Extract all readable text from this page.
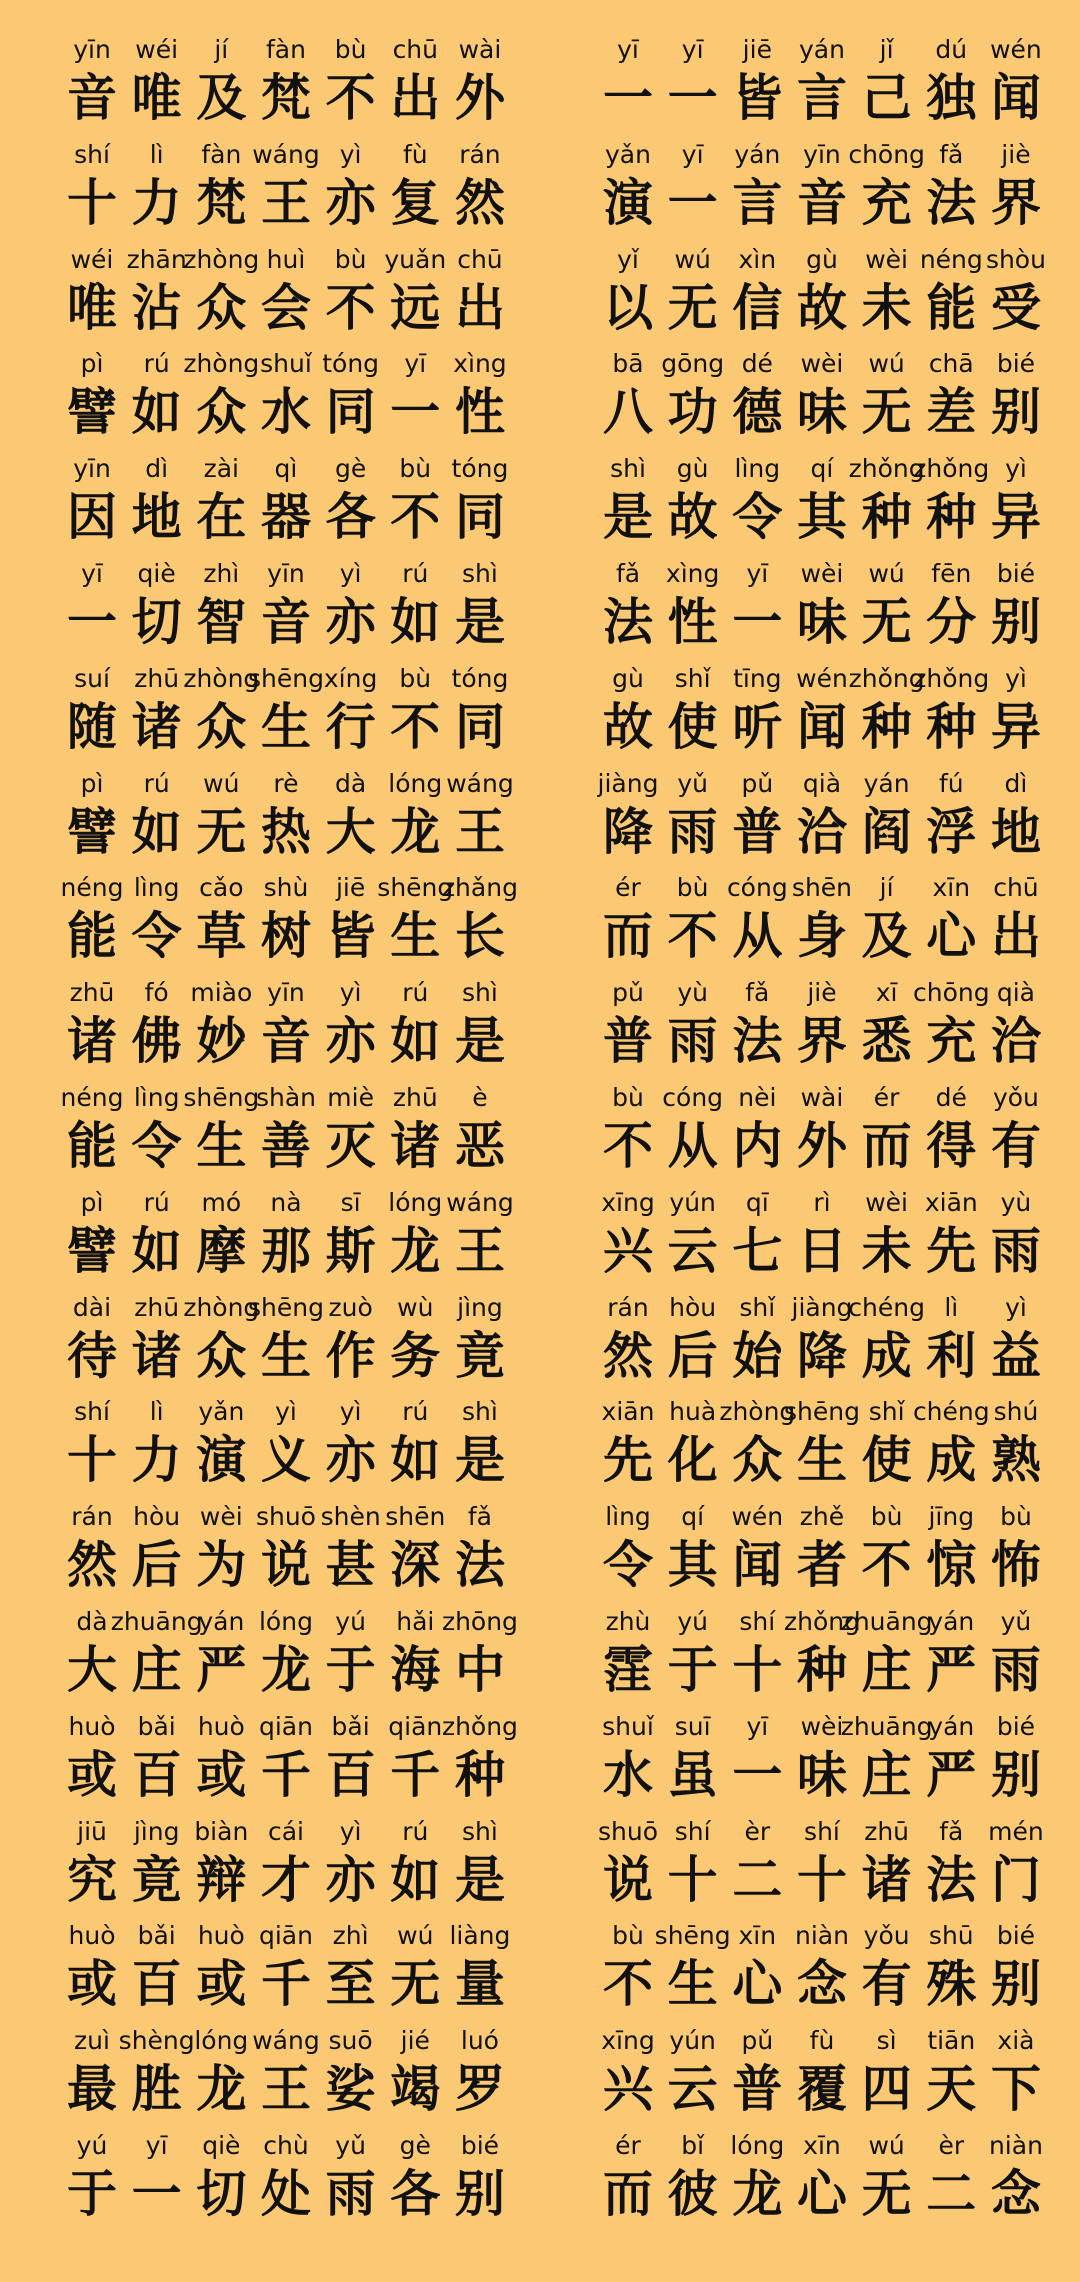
yīn
音
wéi
唯
jí
及
fàn
梵
bù
不
chū
出
wài
外
yī
一
yī
一
jiē
皆
yán
言
jǐ
己
dú
独
wén
闻
shí
十
lì
力
fàn
梵
wáng
王
yì
亦
fù
复
rán
然
yǎn
演
yī
一
yán
言
yīn
音
chōng
充
fǎ
法
jiè
界
wéi
唯
zhān
沾
zhòng
众
huì
会
bù
不
yuǎn
远
chū
出
yǐ
以
wú
无
xìn
信
gù
故
wèi
未
néng
能
shòu
受
pì
譬
rú
如
zhòng
众
shuǐ
水
tóng
同
yī
一
xìng
性
bā
八
gōng
功
dé
德
wèi
味
wú
无
chā
差
bié
别
yīn
因
dì
地
zài
在
qì
器
gè
各
bù
不
tóng
同
shì
是
gù
故
lìng
令
qí
其
zhǒng
种
zhǒng
种
yì
异
yī
一
qiè
切
zhì
智
yīn
音
yì
亦
rú
如
shì
是
fǎ
法
xìng
性
yī
一
wèi
味
wú
无
fēn
分
bié
别
suí
随
zhū
诸
zhòng
众
shēng
生
xíng
行
bù
不
tóng
同
gù
故
shǐ
使
tīng
听
wén
闻
zhǒng
种
zhǒng
种
yì
异
pì
譬
rú
如
wú
无
rè
热
dà
大
lóng
龙
wáng
王
jiàng
降
yǔ
雨
pǔ
普
qià
洽
yán
阎
fú
浮
dì
地
néng
能
lìng
令
cǎo
草
shù
树
jiē
皆
shēng
生
zhǎng
长
ér
而
bù
不
cóng
从
shēn
身
jí
及
xīn
心
chū
出
zhū
诸
fó
佛
miào
妙
yīn
音
yì
亦
rú
如
shì
是
pǔ
普
yù
雨
fǎ
法
jiè
界
xī
悉
chōng
充
qià
洽
néng
能
lìng
令
shēng
生
shàn
善
miè
灭
zhū
诸
è
恶
bù
不
cóng
从
nèi
内
wài
外
ér
而
dé
得
yǒu
有
pì
譬
rú
如
mó
摩
nà
那
sī
斯
lóng
龙
wáng
王
xīng
兴
yún
云
qī
七
rì
日
wèi
未
xiān
先
yù
雨
dài
待
zhū
诸
zhòng
众
shēng
生
zuò
作
wù
务
jìng
竟
rán
然
hòu
后
shǐ
始
jiàng
降
chéng
成
lì
利
yì
益
shí
十
lì
力
yǎn
演
yì
义
yì
亦
rú
如
shì
是
xiān
先
huà
化
zhòng
众
shēng
生
shǐ
使
chéng
成
shú
熟
rán
然
hòu
后
wèi
为
shuō
说
shèn
甚
shēn
深
fǎ
法
lìng
令
qí
其
wén
闻
zhě
者
bù
不
jīng
惊
bù
怖
dà
大
zhuāng
庄
yán
严
lóng
龙
yú
于
hǎi
海
zhōng
中
zhù
霔
yú
于
shí
十
zhǒng
种
zhuāng
庄
yán
严
yǔ
雨
huò
或
bǎi
百
huò
或
qiān
千
bǎi
百
qiān
千
zhǒng
种
shuǐ
水
suī
虽
yī
一
wèi
味
zhuāng
庄
yán
严
bié
别
jiū
究
jìng
竟
biàn
辩
cái
才
yì
亦
rú
如
shì
是
shuō
说
shí
十
èr
二
shí
十
zhū
诸
fǎ
法
mén
门
huò
或
bǎi
百
huò
或
qiān
千
zhì
至
wú
无
liàng
量
bù
不
shēng
生
xīn
心
niàn
念
yǒu
有
shū
殊
bié
别
zuì
最
shèng
胜
lóng
龙
wáng
王
suō
娑
jié
竭
luó
罗
xīng
兴
yún
云
pǔ
普
fù
覆
sì
四
tiān
天
xià
下
yú
于
yī
一
qiè
切
chù
处
yǔ
雨
gè
各
bié
别
ér
而
bǐ
彼
lóng
龙
xīn
心
wú
无
èr
二
niàn
念
